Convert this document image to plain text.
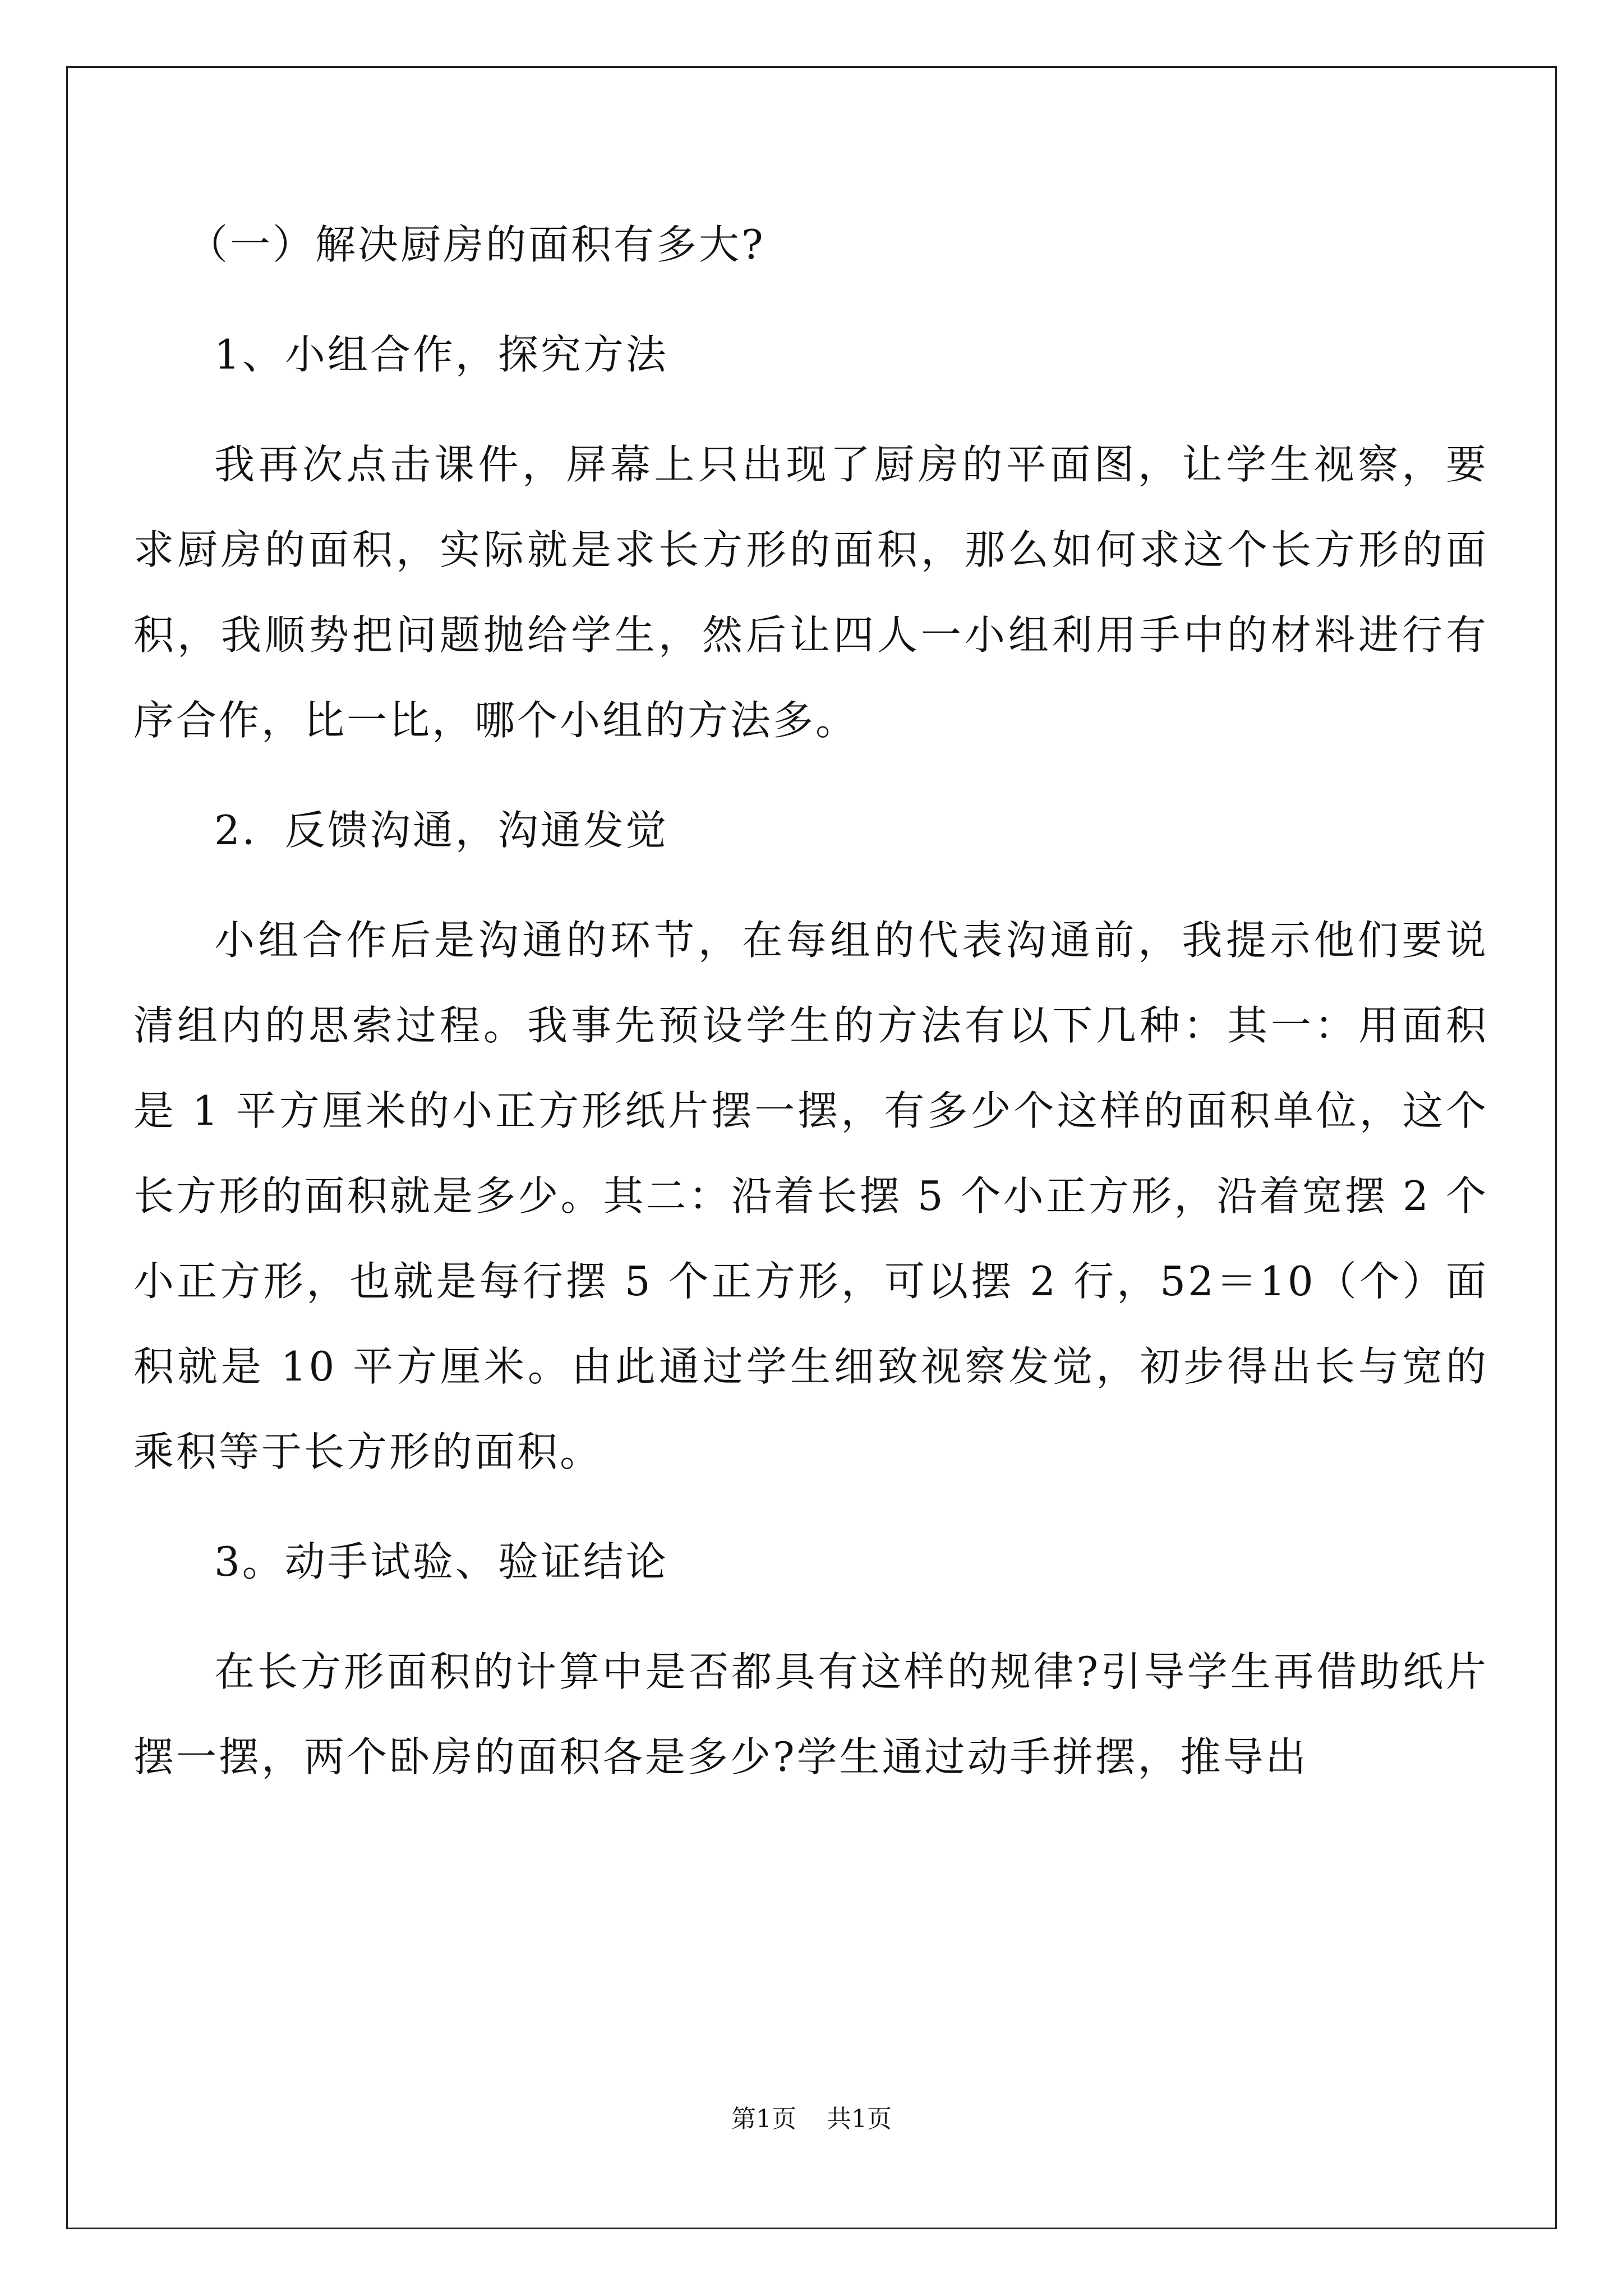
（一）解决厨房的面积有多大?

1、小组合作，探究方法

我再次点击课件，屏幕上只出现了厨房的平面图，让学生视察，要求厨房的面积，实际就是求长方形的面积，那么如何求这个长方形的面积，我顺势把问题抛给学生，然后让四人一小组利用手中的材料进行有序合作，比一比，哪个小组的方法多。

2．反馈沟通，沟通发觉

小组合作后是沟通的环节，在每组的代表沟通前，我提示他们要说清组内的思索过程。我事先预设学生的方法有以下几种：其一：用面积是 1 平方厘米的小正方形纸片摆一摆，有多少个这样的面积单位，这个长方形的面积就是多少。其二：沿着长摆 5 个小正方形，沿着宽摆 2 个小正方形，也就是每行摆 5 个正方形，可以摆 2 行，52＝10（个）面积就是 10 平方厘米。由此通过学生细致视察发觉，初步得出长与宽的乘积等于长方形的面积。

3。动手试验、验证结论

在长方形面积的计算中是否都具有这样的规律?引导学生再借助纸片摆一摆，两个卧房的面积各是多少?学生通过动手拼摆，推导出

第1页 共1页
